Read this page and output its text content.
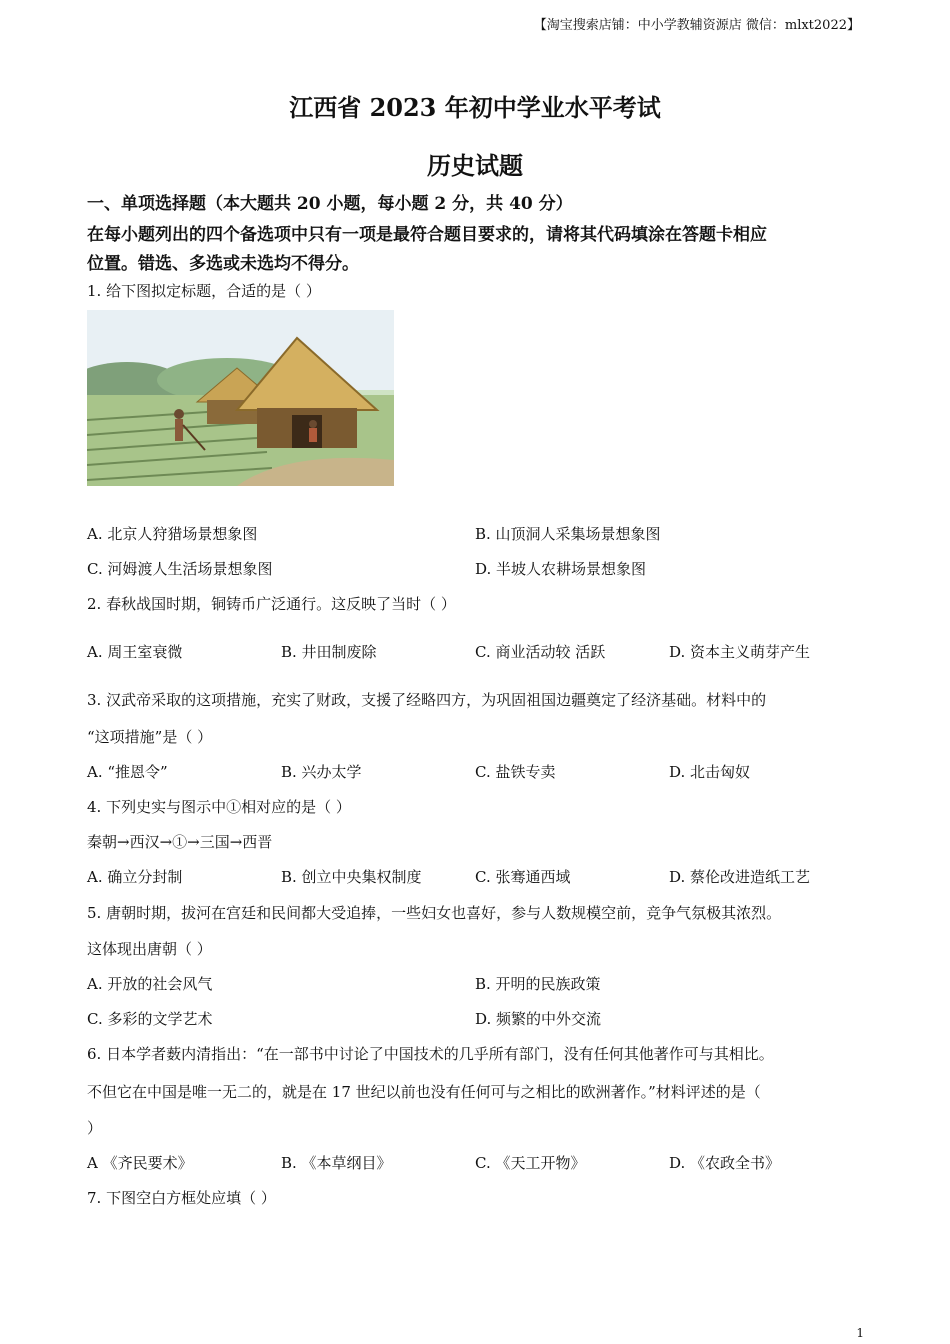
【淘宝搜索店铺：中小学教辅资源店 微信：mlxt2022】
江西省 2023 年初中学业水平考试
历史试题
一、单项选择题（本大题共 20 小题，每小题 2 分，共 40 分）
在每小题列出的四个备选项中只有一项是最符合题目要求的，请将其代码填涂在答题卡相应
位置。错选、多选或未选均不得分。
1. 给下图拟定标题，合适的是（ ）
A. 北京人狩猎场景想象图	B. 山顶洞人采集场景想象图
C. 河姆渡人生活场景想象图	D. 半坡人农耕场景想象图
2. 春秋战国时期，铜铸币广泛通行。这反映了当时（ ）
A. 周王室衰微	B. 井田制废除	C. 商业活动较 活跃	D. 资本主义萌芽产生
3. 汉武帝采取的这项措施，充实了财政，支援了经略四方，为巩固祖国边疆奠定了经济基础。材料中的
“这项措施”是（ ）
A. “推恩令”	B. 兴办太学	C. 盐铁专卖	D. 北击匈奴
4. 下列史实与图示中①相对应的是（ ）
秦朝→西汉→①→三国→西晋
A. 确立分封制	B. 创立中央集权制度	C. 张骞通西域	D. 蔡伦改进造纸工艺
5. 唐朝时期，拔河在宫廷和民间都大受追捧，一些妇女也喜好，参与人数规模空前，竞争气氛极其浓烈。
这体现出唐朝（ ）
A. 开放的社会风气	B. 开明的民族政策
C. 多彩的文学艺术	D. 频繁的中外交流
6. 日本学者薮内清指出：“在一部书中讨论了中国技术的几乎所有部门，没有任何其他著作可与其相比。
不但它在中国是唯一无二的，就是在 17 世纪以前也没有任何可与之相比的欧洲著作。”材料评述的是（
）
A 《齐民要术》	B. 《本草纲目》	C. 《天工开物》	D. 《农政全书》
7. 下图空白方框处应填（ ）
1
